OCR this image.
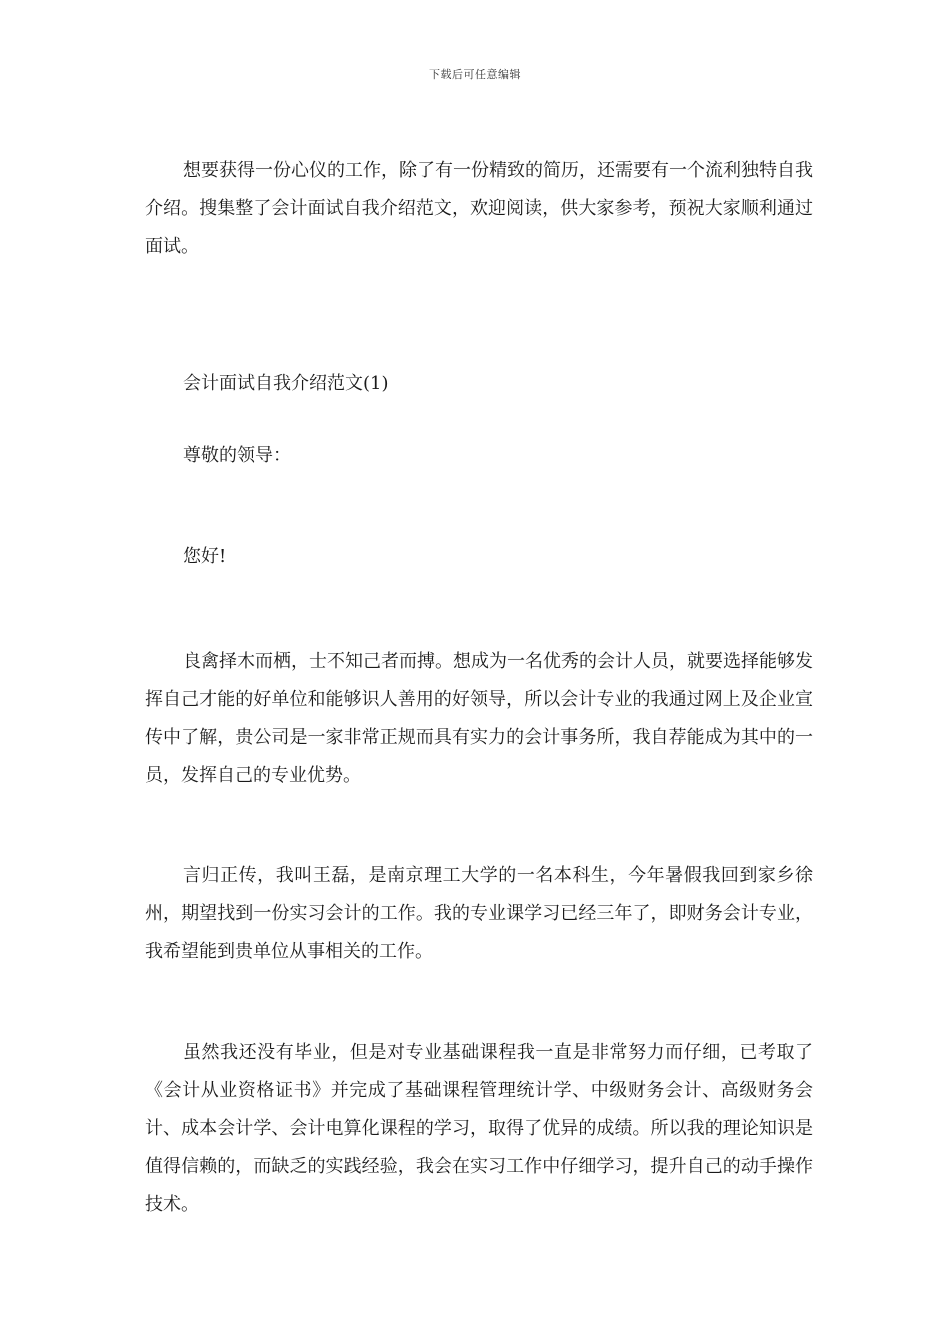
下载后可任意编辑

想要获得一份心仪的工作，除了有一份精致的简历，还需要有一个流利独特自我介绍。搜集整了会计面试自我介绍范文，欢迎阅读，供大家参考，预祝大家顺利通过面试。

会计面试自我介绍范文(1)
尊敬的领导：
您好!

良禽择木而栖，士不知己者而搏。想成为一名优秀的会计人员，就要选择能够发挥自己才能的好单位和能够识人善用的好领导，所以会计专业的我通过网上及企业宣传中了解，贵公司是一家非常正规而具有实力的会计事务所，我自荐能成为其中的一员，发挥自己的专业优势。

言归正传，我叫王磊，是南京理工大学的一名本科生，今年暑假我回到家乡徐州，期望找到一份实习会计的工作。我的专业课学习已经三年了，即财务会计专业，我希望能到贵单位从事相关的工作。

虽然我还没有毕业，但是对专业基础课程我一直是非常努力而仔细，已考取了《会计从业资格证书》并完成了基础课程管理统计学、中级财务会计、高级财务会计、成本会计学、会计电算化课程的学习，取得了优异的成绩。所以我的理论知识是值得信赖的，而缺乏的实践经验，我会在实习工作中仔细学习，提升自己的动手操作技术。
